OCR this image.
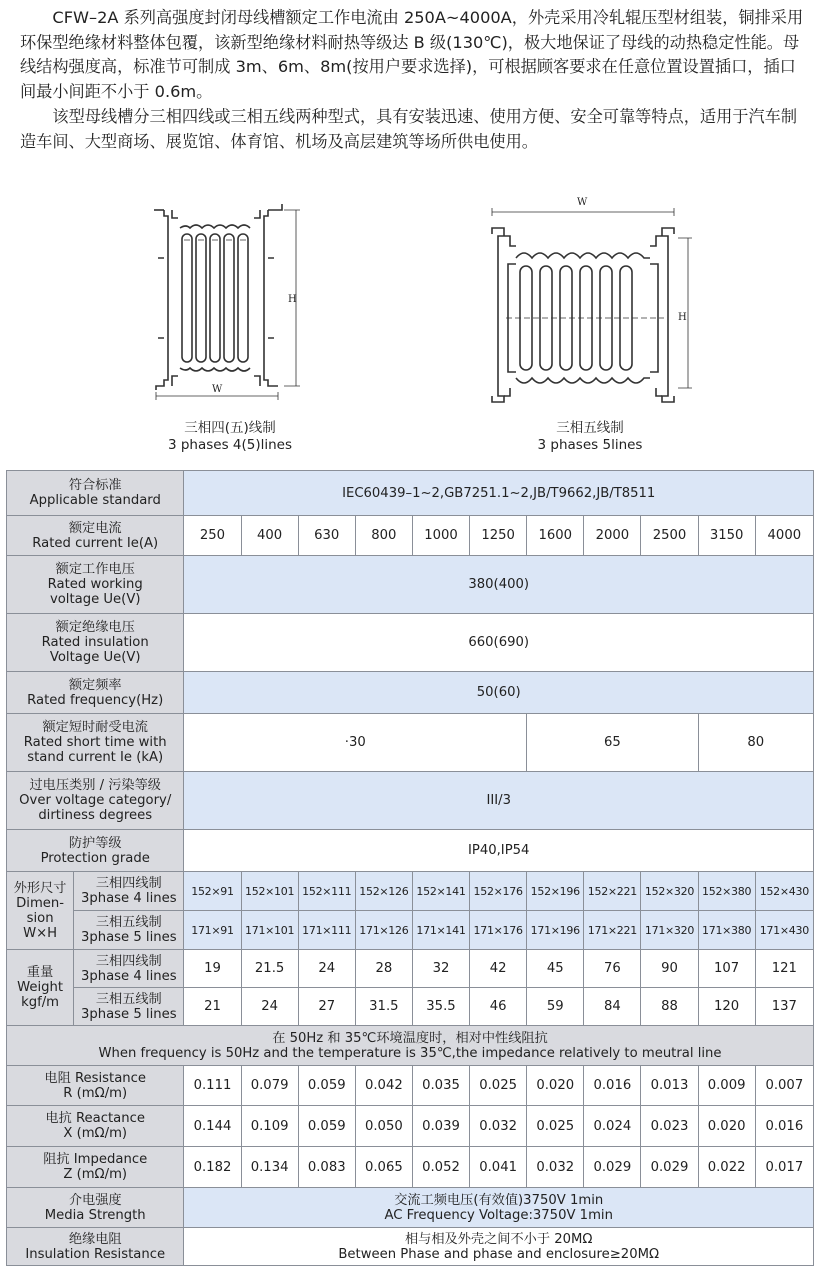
CFW–2A 系列高强度封闭母线槽额定工作电流由 250A~4000A，外壳采用冷轧辊压型材组装，铜排采用环保型绝缘材料整体包覆，该新型绝缘材料耐热等级达 B 级(130℃)，极大地保证了母线的动热稳定性能。母线结构强度高，标准节可制成 3m、6m、8m(按用户要求选择)，可根据顾客要求在任意位置设置插口，插口间最小间距不小于 0.6m。

该型母线槽分三相四线或三相五线两种型式，具有安装迅速、使用方便、安全可靠等特点，适用于汽车制造车间、大型商场、展览馆、体育馆、机场及高层建筑等场所供电使用。

H
W
三相四(五)线制
3 phases 4(5)lines
W
H
三相五线制
3 phases 5lines
符合标准
Applicable standard		IEC60439–1~2,GB7251.1~2,JB/T9662,JB/T8511										

额定电流
Rated current Ie(A)		250	400	630	800	1000	1250	1600	2000	2500	3150	4000

额定工作电压
Rated working
voltage Ue(V)		380(400)										

额定绝缘电压
Rated insulation
Voltage Ue(V)		660(690)										

额定频率
Rated frequency(Hz)		50(60)										

额定短时耐受电流
Rated short time with
stand current Ie (kA)		·30						65			80	

过电压类别 / 污染等级
Over voltage category/
dirtiness degrees		III/3										

防护等级
Protection grade		IP40,IP54										

外形尺寸
Dimen-
sion
W×H	三相四线制
3phase 4 lines	152×91	152×101	152×111	152×126	152×141	152×176	152×196	152×221	152×320	152×380	152×430

	三相五线制
3phase 5 lines	171×91	171×101	171×111	171×126	171×141	171×176	171×196	171×221	171×320	171×380	171×430

重量
Weight
kgf/m	三相四线制
3phase 4 lines	19	21.5	24	28	32	42	45	76	90	107	121

	三相五线制
3phase 5 lines	21	24	27	31.5	35.5	46	59	84	88	120	137

在 50Hz 和 35℃环境温度时，相对中性线阻抗
When frequency is 50Hz and the temperature is 35℃,the impedance relatively to meutral line												

电阻 Resistance
R (mΩ/m)		0.111	0.079	0.059	0.042	0.035	0.025	0.020	0.016	0.013	0.009	0.007

电抗 Reactance
X (mΩ/m)		0.144	0.109	0.059	0.050	0.039	0.032	0.025	0.024	0.023	0.020	0.016

阻抗 Impedance
Z (mΩ/m)		0.182	0.134	0.083	0.065	0.052	0.041	0.032	0.029	0.029	0.022	0.017

介电强度
Media Strength		交流工频电压(有效值)3750V 1min
AC Frequency Voltage:3750V 1min										

绝缘电阻
Insulation Resistance		相与相及外壳之间不小于 20MΩ
Between Phase and phase and enclosure≥20MΩ										
